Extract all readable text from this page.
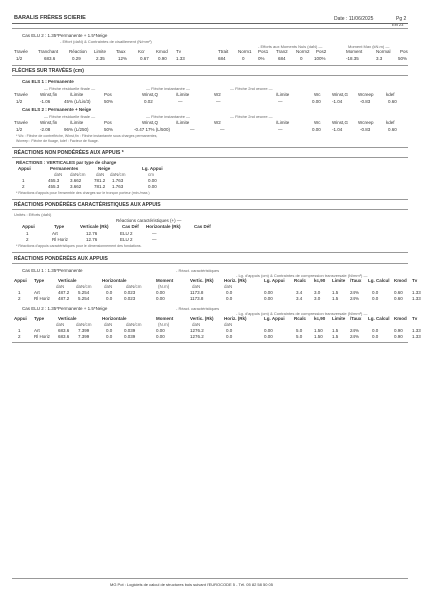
BARALIS FRÈRES SCIERIE	Date : 11/06/2025	Pg 2
Ext 23
Cas ELU 2 : 1.35*Permanente + 1.5*Neige
- Effort (daN) & Contraintes de cisaillement (N/mm²)
- Efforts aux Moments Nuls (daN) —	Moment Max (kN.m) —
Travée Tranchant Réaction Limite Taux	Kcr	Kmod Tv	Ttrait Norm1 Pos1 Tran2 Norm2 Pos2	Moment	Normal Pos
1/2	683.6	0.29	2.35	12%	0.67 0.90 1.33	684	0	0%	684	0	100%	-18.35	3.3	50%
FLÈCHES SUR TRAVÉES (cm)
Cas ELS 1 : Permanente
— Flèche résiduelle finale —	— Flèche instantanée —	— Flèche 2nd œuvre —
Travée	Winst,fin	/Limite	Pos	Winst,Q	/Limite	W2	/Limite	Wc	Winst,G Wcreep	kdef
1/2	-1.06	45% (L/Lis/3)	50%	0.02	—	—	—	0.00 -1.04	-0.83	0.60
Cas ELS 2 : Permanente + Neige
— Flèche résiduelle finale —	— Flèche instantanée —	— Flèche 2nd œuvre —
Travée	Winst,fin	/Limite	Pos	Winst,Q	/Limite	W2	/Limite	Wc	Winst,G Wcreep	kdef
1/2	-2.08	96% (L/250)	50%	-0.47 17% (L/500)	—	—	—	0.00 -1.04	-0.83	0.60
* Wc : Flèche de contreflèche, Winst,fin : Flèche instantanée sous charges permanentes,
Wcreep : Flèche de fluage, kdef : Facteur de fluage.
RÉACTIONS NON PONDÉRÉES AUX APPUIS *
RÉACTIONS : VERTICALES par type de charge
Appui	Permanentes	Neige	Lg. Appui
daN daN/cm daN daN/cm	cm
1	455.3 3.662	781.2 1.763	0.00
2	455.3 3.662	781.2 1.763	0.00
* Réactions d'appuis pour l'ensemble des charges sur le tronçon porteur (min./max.)
RÉACTIONS PONDÉRÉES CARACTÉRISTIQUES AUX APPUIS
Unités : Efforts (daN)
Réactions caractéristiques (+) —
Appui	Type	Verticale (Rk)	Cas Déf Horizontale (Rk)	Cas Déf
1	Art	12.76	ELU 2	—
2	Rl Horiz	12.76	ELU 2	—
* Réactions d'appuis caractéristiques pour le dimensionnement des fondations.
RÉACTIONS PONDÉRÉES AUX APPUIS
Cas ELU 1 : 1.35*Permanente	- Réact. caractéristiques
- Lg. d'appuis (cm) & Contraintes de compression transversale (N/mm²) —
Appui Type	Verticale	Horizontale	Moment	Vertic. (Rk) Horiz. (Rk)	Lg. Appui Rcalc kc,90 Limite /Taux Lg. Calcul Kmod Tv
daN	daN/cm	daN	daN/cm	(N.m)	daN	daN
1	Art	487.2 5.254	0.0	0.023	0.00	1173.8	0.0	0.00	3.4	3.0	1.5	24%	0.0	0.60 1.33
2	Rl Horiz 487.2 5.254	0.0	0.023	0.00	1173.8	0.0	0.00	3.4	3.0	1.5	24%	0.0	0.60 1.33
Cas ELU 2 : 1.35*Permanente + 1.5*Neige	- Réact. caractéristiques
- Lg. d'appuis (cm) & Contraintes de compression transversale (N/mm²) —
Appui Type	Verticale	Horizontale	Moment	Vertic. (Rk) Horiz. (Rk)	Lg. Appui Rcalc kc,90 Limite /Taux Lg. Calcul Kmod Tv
daN	daN/cm	daN	daN/cm	(N.m)	daN	daN
1	Art	683.6 7.399	0.0	0.039	0.00	1276.2	0.0	0.00	5.0	1.50 1.5	24%	0.0	0.90 1.33
2	Rl Horiz 683.6 7.399	0.0	0.039	0.00	1276.2	0.0	0.00	5.0	1.50 1.5	24%	0.0	0.90 1.33
MG Pot : Logiciels de calcul de structures bois suivant l'EUROCODE 5 - Tél. 05 82 58 50 05
